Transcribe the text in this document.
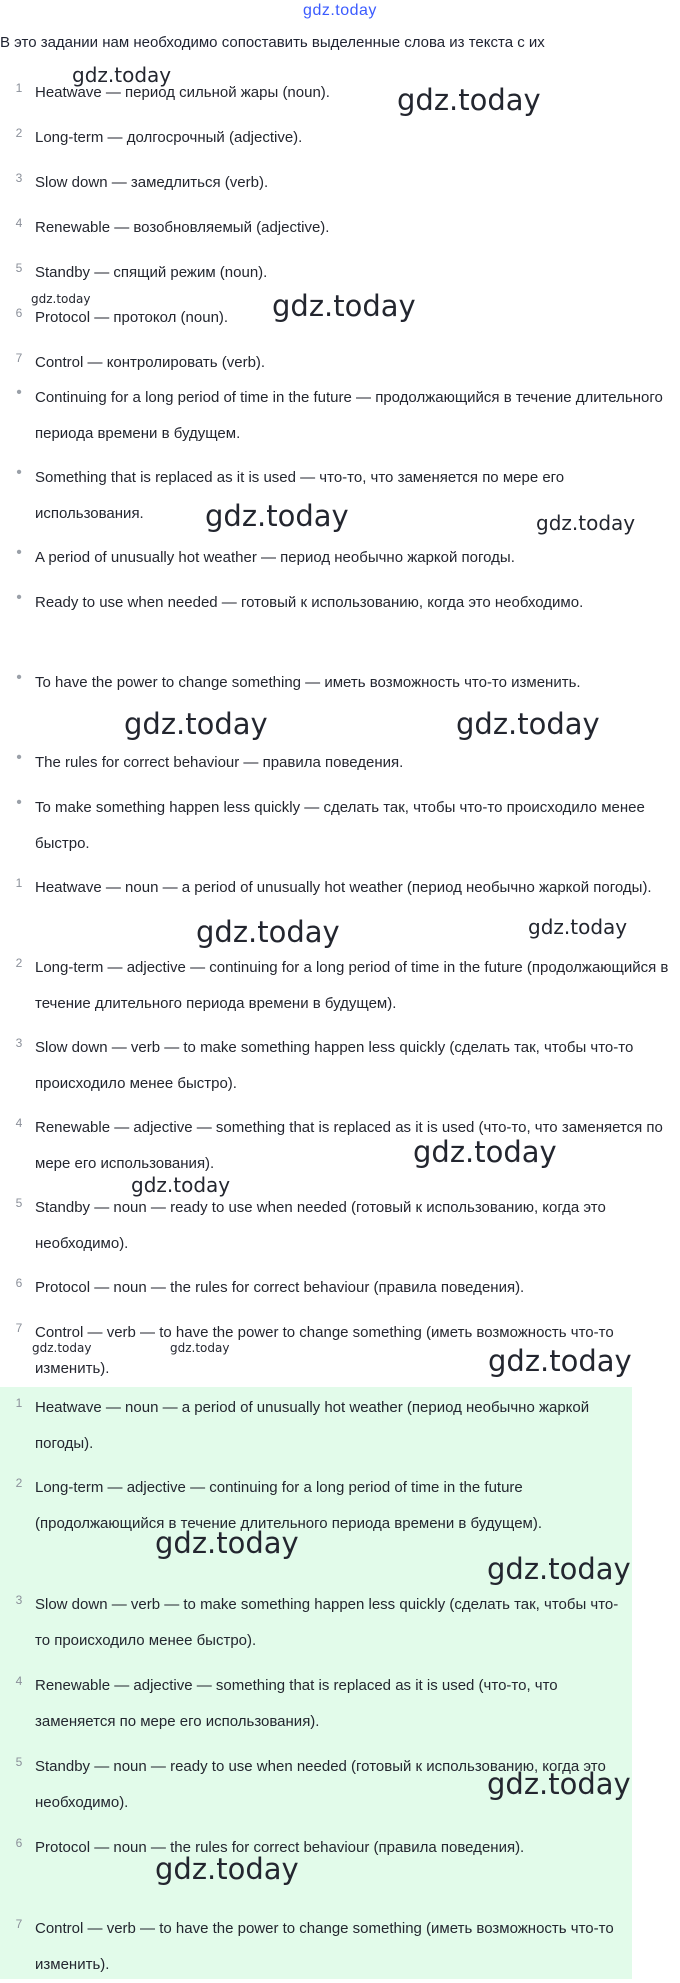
gdz.today
В это задании нам необходимо сопоставить выделенные слова из текста с их
1 Heatwave — период сильной жары (noun).
2 Long-term — долгосрочный (adjective).
3 Slow down — замедлиться (verb).
4 Renewable — возобновляемый (adjective).
5 Standby — спящий режим (noun).
6 Protocol — протокол (noun).
7 Control — контролировать (verb).
• Continuing for a long period of time in the future — продолжающийся в течение длительного периода времени в будущем.
• Something that is replaced as it is used — что-то, что заменяется по мере его использования.
• A period of unusually hot weather — период необычно жаркой погоды.
• Ready to use when needed — готовый к использованию, когда это необходимо.
• To have the power to change something — иметь возможность что-то изменить.
• The rules for correct behaviour — правила поведения.
• To make something happen less quickly — сделать так, чтобы что-то происходило менее быстро.
1 Heatwave — noun — a period of unusually hot weather (период необычно жаркой погоды).
2 Long-term — adjective — continuing for a long period of time in the future (продолжающийся в течение длительного периода времени в будущем).
3 Slow down — verb — to make something happen less quickly (сделать так, чтобы что-то происходило менее быстро).
4 Renewable — adjective — something that is replaced as it is used (что-то, что заменяется по мере его использования).
5 Standby — noun — ready to use when needed (готовый к использованию, когда это необходимо).
6 Protocol — noun — the rules for correct behaviour (правила поведения).
7 Control — verb — to have the power to change something (иметь возможность что-то изменить).
1 Heatwave — noun — a period of unusually hot weather (период необычно жаркой погоды).
2 Long-term — adjective — continuing for a long period of time in the future (продолжающийся в течение длительного периода времени в будущем).
3 Slow down — verb — to make something happen less quickly (сделать так, чтобы что-то происходило менее быстро).
4 Renewable — adjective — something that is replaced as it is used (что-то, что заменяется по мере его использования).
5 Standby — noun — ready to use when needed (готовый к использованию, когда это необходимо).
6 Protocol — noun — the rules for correct behaviour (правила поведения).
7 Control — verb — to have the power to change something (иметь возможность что-то изменить).
gdz.today
gdz.today
gdz.today	gdz.today
gdz.today	gdz.today
gdz.today	gdz.today
gdz.today	gdz.today
gdz.today
gdz.today
gdz.today	gdz.today	gdz.today
gdz.today
gdz.today
gdz.today
gdz.today
